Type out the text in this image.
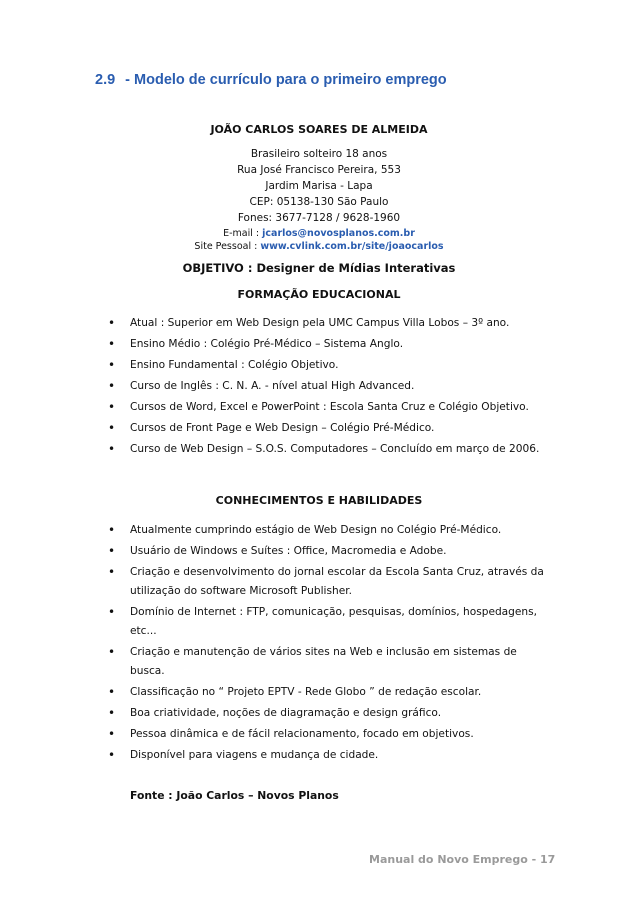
2.9 - Modelo de currículo para o primeiro emprego
JOÃO CARLOS SOARES DE ALMEIDA
Brasileiro solteiro 18 anos
Rua José Francisco Pereira, 553
Jardim Marisa - Lapa
CEP: 05138-130 São Paulo
Fones: 3677-7128 / 9628-1960
E-mail : jcarlos@novosplanos.com.br
Site Pessoal : www.cvlink.com.br/site/joaocarlos
OBJETIVO : Designer de Mídias Interativas
FORMAÇÃO EDUCACIONAL
• Atual : Superior em Web Design pela UMC Campus Villa Lobos – 3º ano.
• Ensino Médio : Colégio Pré-Médico – Sistema Anglo.
• Ensino Fundamental : Colégio Objetivo.
• Curso de Inglês : C. N. A. - nível atual High Advanced.
• Cursos de Word, Excel e PowerPoint : Escola Santa Cruz e Colégio Objetivo.
• Cursos de Front Page e Web Design – Colégio Pré-Médico.
• Curso de Web Design – S.O.S. Computadores – Concluído em março de 2006.
CONHECIMENTOS E HABILIDADES
• Atualmente cumprindo estágio de Web Design no Colégio Pré-Médico.
• Usuário de Windows e Suítes : Office, Macromedia e Adobe.
• Criação e desenvolvimento do jornal escolar da Escola Santa Cruz, através da utilização do software Microsoft Publisher.
• Domínio de Internet : FTP, comunicação, pesquisas, domínios, hospedagens, etc...
• Criação e manutenção de vários sites na Web e inclusão em sistemas de busca.
• Classificação no “ Projeto EPTV - Rede Globo ” de redação escolar.
• Boa criatividade, noções de diagramação e design gráfico.
• Pessoa dinâmica e de fácil relacionamento, focado em objetivos.
• Disponível para viagens e mudança de cidade.
Fonte : João Carlos – Novos Planos
Manual do Novo Emprego - 17
